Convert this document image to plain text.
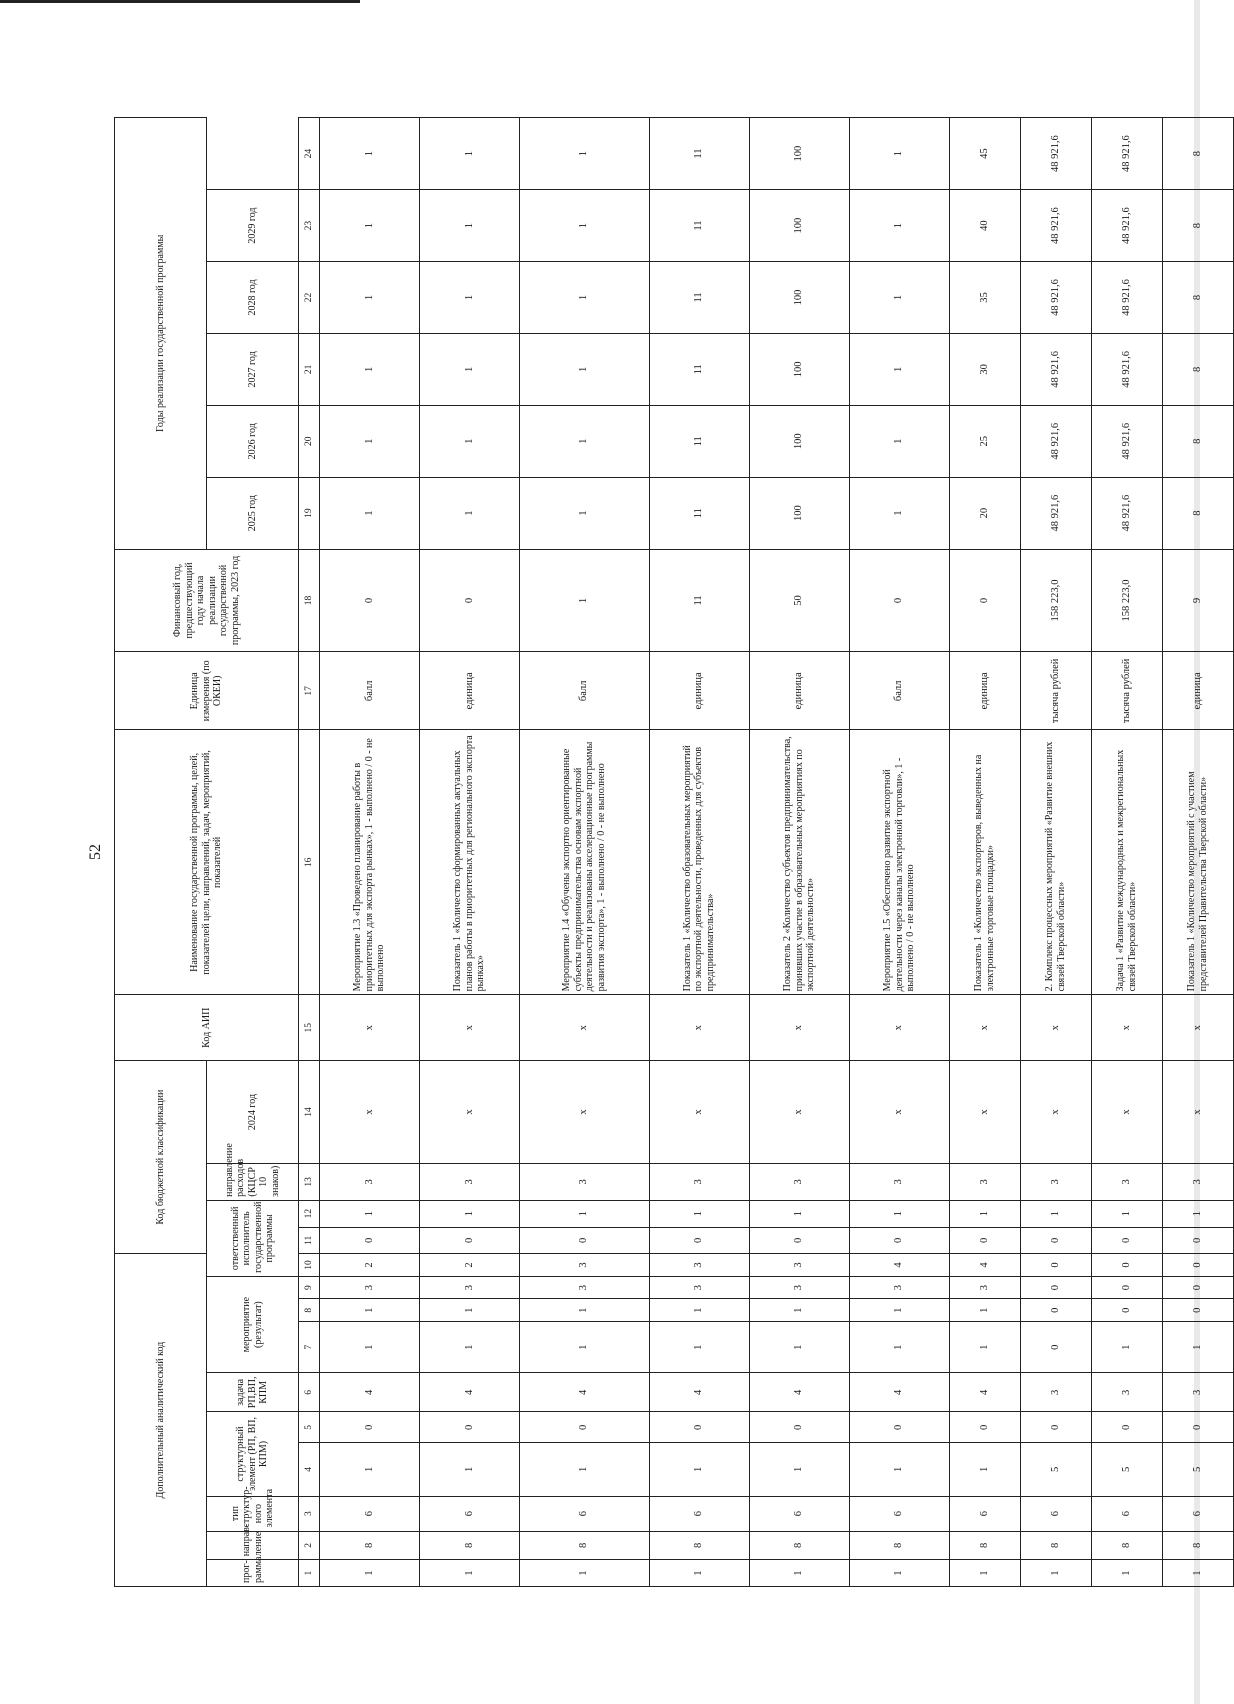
52
Дополнительный аналитический код										Код бюджетной классификации				Код АИП	Наименование государственной программы, целей, показателей цели, направлений, задач, мероприятий, показателей	Единица измерения (по ОКЕИ)	Финансовый год, предшествующий году начала реализации государственной программы, 2023 год	Годы реализации государственной программы					
прог-рамма	направ-ление	тип структур-ного элемента	структурный элемент (РП, ВП, КПМ)		задача РП,ВП, КПМ	мероприятие (результат)			ответственный исполнитель государственной программы			направление расходов (КЦСР 10 знаков)	2024 год					2025 год	2026 год	2027 год	2028 год	2029 год	

1	2	3	4	5	6	7	8	9	10	11	12	13	14	15	16	17	18	19	20	21	22	23	24
1	8	6	1	0	4	1	1	3	2	0	1	3	х	х	Мероприятие 1.3 «Проведено планирование работы в приоритетных для экспорта рынках», 1 - выполнено / 0 - не выполнено	балл	0	1	1	1	1	1	1
1	8	6	1	0	4	1	1	3	2	0	1	3	х	х	Показатель 1 «Количество сформированных актуальных планов работы в приоритетных для регионального экспорта рынках»	единица	0	1	1	1	1	1	1
1	8	6	1	0	4	1	1	3	3	0	1	3	х	х	Мероприятие 1.4 «Обучены экспортно ориентированные субъекты предпринимательства основам экспортной деятельности и реализованы акселерационные программы развития экспорта», 1 - выполнено / 0 - не выполнено	балл	1	1	1	1	1	1	1
1	8	6	1	0	4	1	1	3	3	0	1	3	х	х	Показатель 1 «Количество образовательных мероприятий по экспортной деятельности, проведенных для субъектов предпринимательства»	единица	11	11	11	11	11	11	11
1	8	6	1	0	4	1	1	3	3	0	1	3	х	х	Показатель 2 «Количество субъектов предпринимательства, принявших участие в образовательных мероприятиях по экспортной деятельности»	единица	50	100	100	100	100	100	100
1	8	6	1	0	4	1	1	3	4	0	1	3	х	х	Мероприятие 1.5 «Обеспечено развитие экспортной деятельности через каналы электронной торговли», 1 - выполнено / 0 - не выполнено	балл	0	1	1	1	1	1	1
1	8	6	1	0	4	1	1	3	4	0	1	3	х	х	Показатель 1 «Количество экспортеров, выведенных на электронные торговые площадки»	единица	0	20	25	30	35	40	45
1	8	6	5	0	3	0	0	0	0	0	1	3	х	х	2. Комплекс процессных мероприятий «Развитие внешних связей Тверской области»	тысяча рублей	158 223,0	48 921,6	48 921,6	48 921,6	48 921,6	48 921,6	48 921,6
1	8	6	5	0	3	1	0	0	0	0	1	3	х	х	Задача 1 «Развитие международных и межрегиональных связей Тверской области»	тысяча рублей	158 223,0	48 921,6	48 921,6	48 921,6	48 921,6	48 921,6	48 921,6
1	8	6	5	0	3	1	0	0	0	0	1	3	х	х	Показатель 1 «Количество мероприятий с участием представителей Правительства Тверской области»	единица	9	8	8	8	8	8	8
